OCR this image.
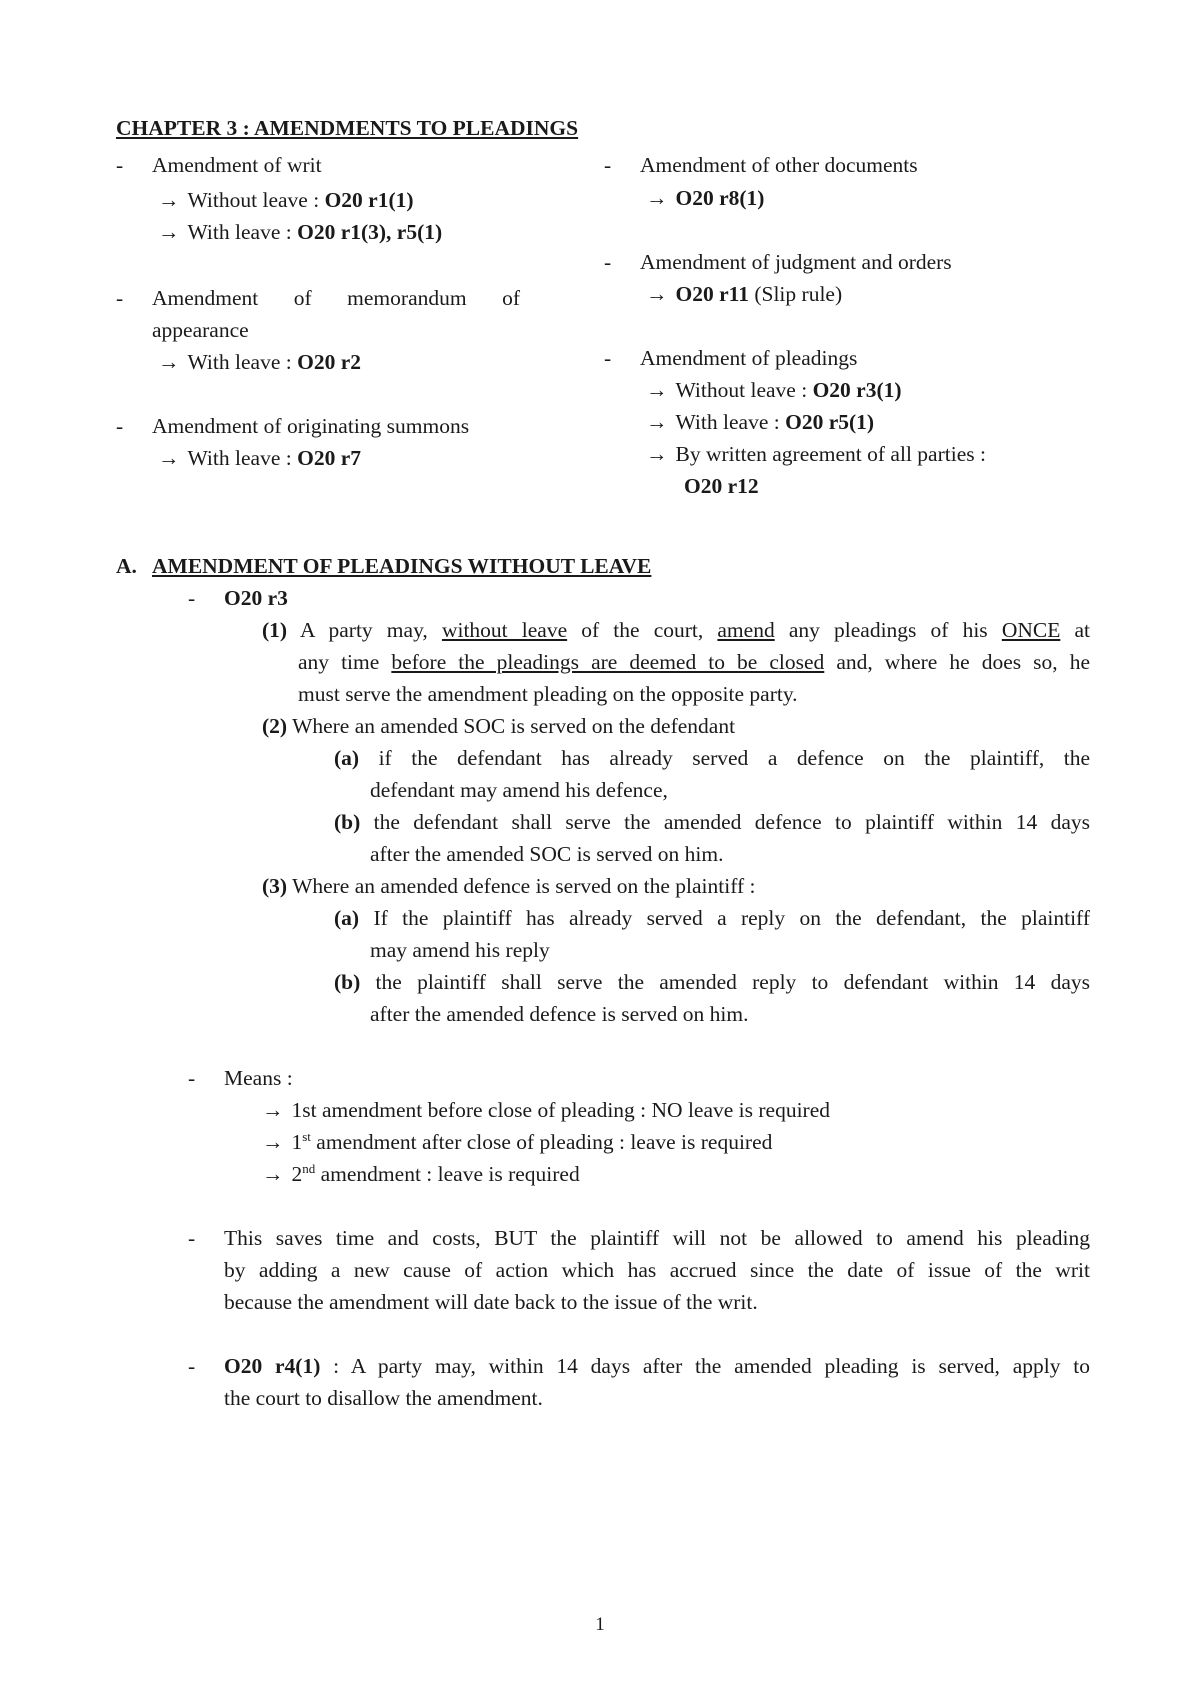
CHAPTER 3 : AMENDMENTS TO PLEADINGS
- Amendment of writ
→ Without leave : O20 r1(1)
→ With leave : O20 r1(3), r5(1)
- Amendment of memorandum of
appearance
→ With leave : O20 r2
- Amendment of originating summons
→ With leave : O20 r7
- Amendment of other documents
→ O20 r8(1)
- Amendment of judgment and orders
→ O20 r11 (Slip rule)
- Amendment of pleadings
→ Without leave : O20 r3(1)
→ With leave : O20 r5(1)
→ By written agreement of all parties :
O20 r12
A. AMENDMENT OF PLEADINGS WITHOUT LEAVE
- O20 r3
(1) A party may, without leave of the court, amend any pleadings of his ONCE at
any time before the pleadings are deemed to be closed and, where he does so, he
must serve the amendment pleading on the opposite party.
(2) Where an amended SOC is served on the defendant
(a) if the defendant has already served a defence on the plaintiff, the
defendant may amend his defence,
(b) the defendant shall serve the amended defence to plaintiff within 14 days
after the amended SOC is served on him.
(3) Where an amended defence is served on the plaintiff :
(a) If the plaintiff has already served a reply on the defendant, the plaintiff
may amend his reply
(b) the plaintiff shall serve the amended reply to defendant within 14 days
after the amended defence is served on him.
- Means :
→ 1st amendment before close of pleading : NO leave is required
→ 1st amendment after close of pleading : leave is required
→ 2nd amendment : leave is required
- This saves time and costs, BUT the plaintiff will not be allowed to amend his pleading
by adding a new cause of action which has accrued since the date of issue of the writ
because the amendment will date back to the issue of the writ.
- O20 r4(1) : A party may, within 14 days after the amended pleading is served, apply to
the court to disallow the amendment.
1
